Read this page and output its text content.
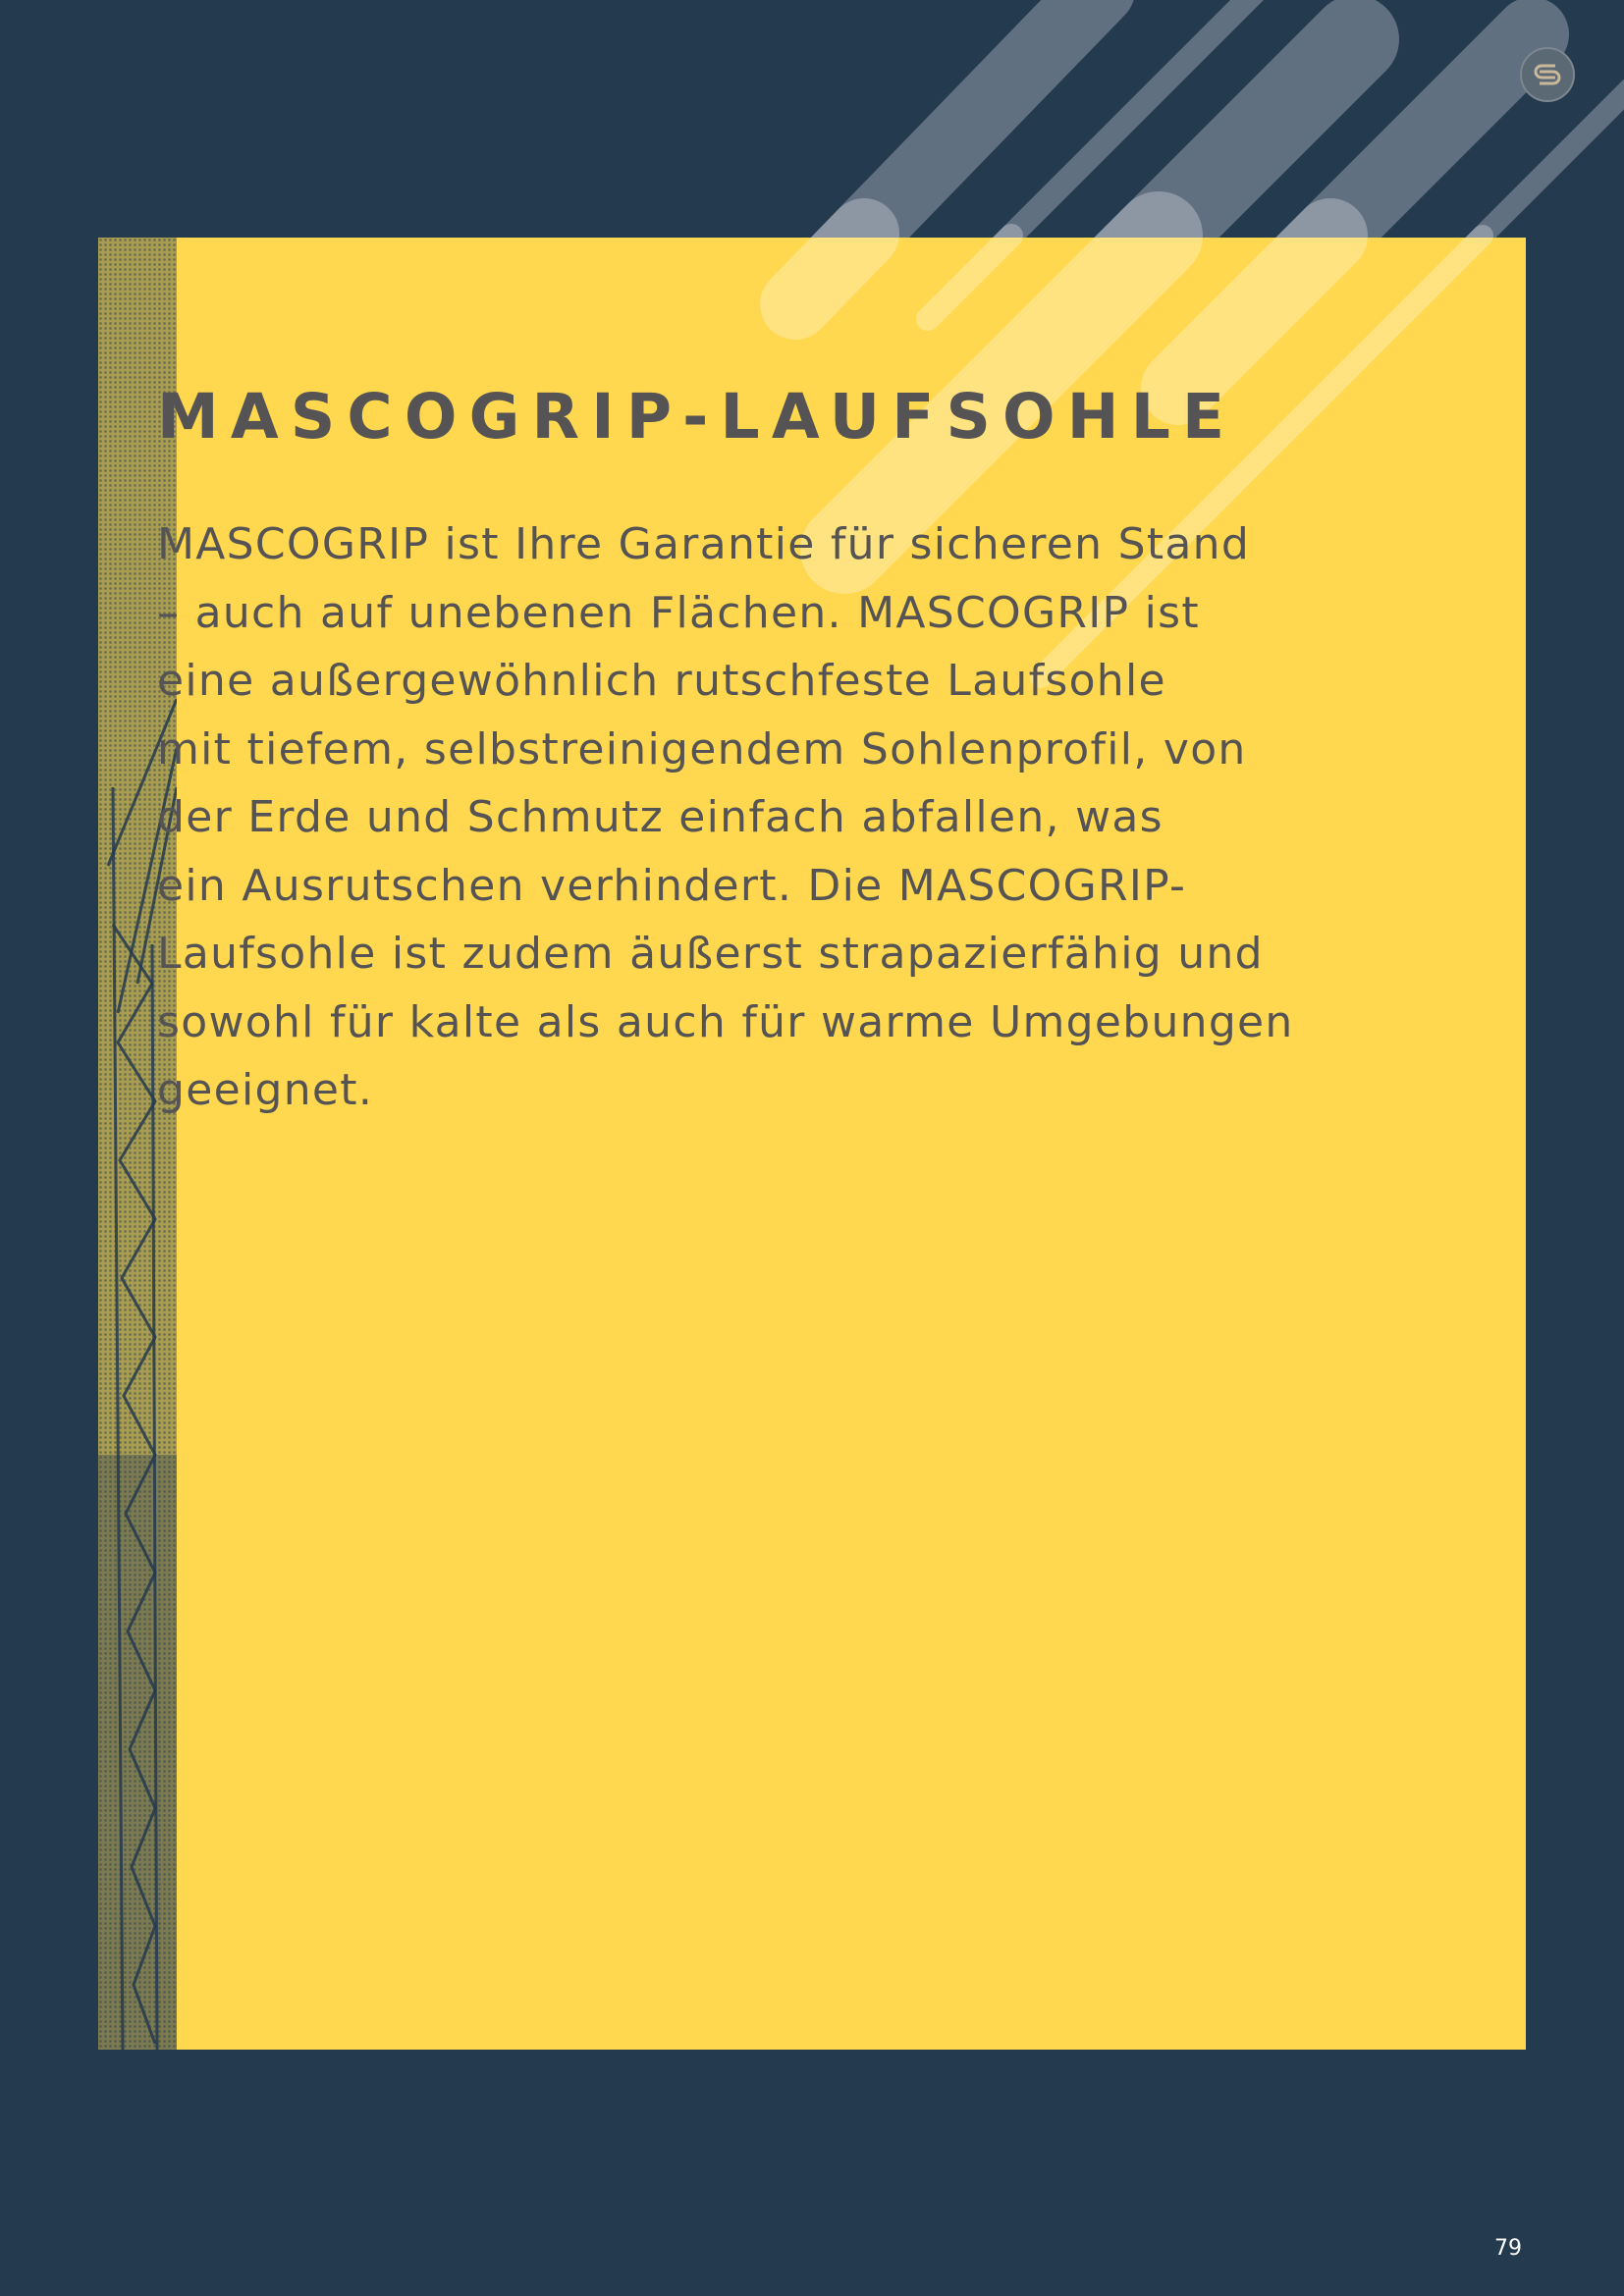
MASCOGRIP-LAUFSOHLE

MASCOGRIP ist Ihre Garantie für sicheren Stand
– auch auf unebenen Flächen. MASCOGRIP ist
eine außergewöhnlich rutschfeste Laufsohle
mit tiefem, selbstreinigendem Sohlenprofil, von
der Erde und Schmutz einfach abfallen, was
ein Ausrutschen verhindert. Die MASCOGRIP-
Laufsohle ist zudem äußerst strapazierfähig und
sowohl für kalte als auch für warme Umgebungen
geeignet.

79
